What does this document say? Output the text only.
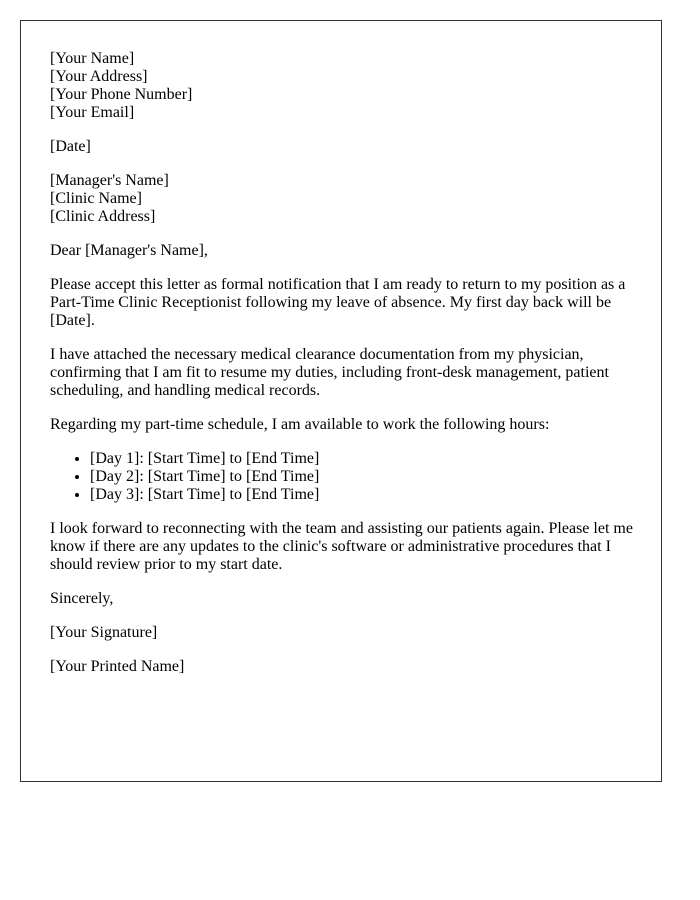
[Your Name]
[Your Address]
[Your Phone Number]
[Your Email]
[Date]
[Manager's Name]
[Clinic Name]
[Clinic Address]

Dear [Manager's Name],

Please accept this letter as formal notification that I am ready to return to my position as a Part-Time Clinic Receptionist following my leave of absence. My first day back will be [Date].

I have attached the necessary medical clearance documentation from my physician, confirming that I am fit to resume my duties, including front-desk management, patient scheduling, and handling medical records.

Regarding my part-time schedule, I am available to work the following hours:

• [Day 1]: [Start Time] to [End Time]
• [Day 2]: [Start Time] to [End Time]
• [Day 3]: [Start Time] to [End Time]

I look forward to reconnecting with the team and assisting our patients again. Please let me know if there are any updates to the clinic's software or administrative procedures that I should review prior to my start date.

Sincerely,

[Your Signature]

[Your Printed Name]
